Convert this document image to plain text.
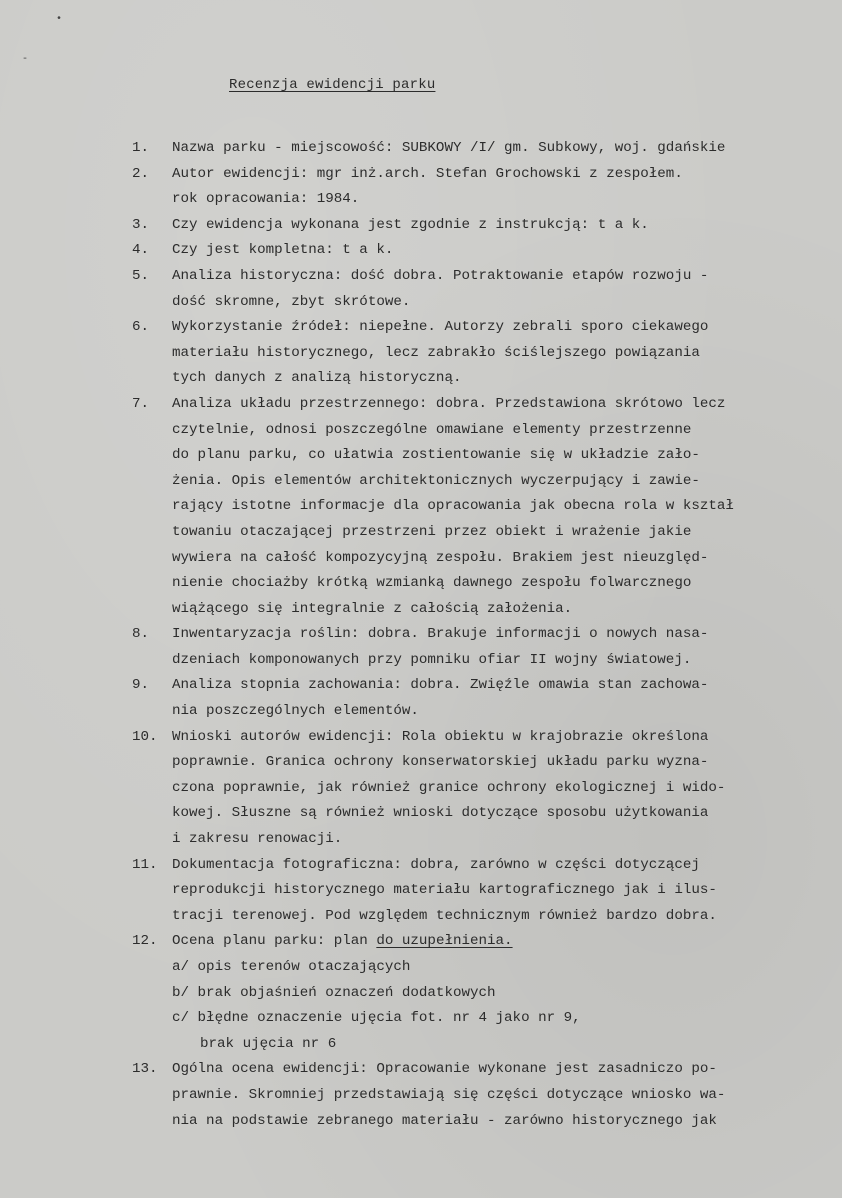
•
-
Recenzja ewidencji parku
1.	Nazwa parku - miejscowość: SUBKOWY /I/ gm. Subkowy, woj. gdańskie
2.	Autor ewidencji: mgr inż.arch. Stefan Grochowski z zespołem.
rok opracowania: 1984.
3.	Czy ewidencja wykonana jest zgodnie z instrukcją: t a k.
4.	Czy jest kompletna: t a k.
5.	Analiza historyczna: dość dobra. Potraktowanie etapów rozwoju -
dość skromne, zbyt skrótowe.
6.	Wykorzystanie źródeł: niepełne. Autorzy zebrali sporo ciekawego
materiału historycznego, lecz zabrakło ściślejszego powiązania
tych danych z analizą historyczną.
7.	Analiza układu przestrzennego: dobra. Przedstawiona skrótowo lecz
czytelnie, odnosi poszczególne omawiane elementy przestrzenne
do planu parku, co ułatwia zostientowanie się w układzie zało-
żenia. Opis elementów architektonicznych wyczerpujący i zawie-
rający istotne informacje dla opracowania jak obecna rola w kształ
towaniu otaczającej przestrzeni przez obiekt i wrażenie jakie
wywiera na całość kompozycyjną zespołu. Brakiem jest nieuzględ-
nienie chociażby krótką wzmianką dawnego zespołu folwarcznego
wiążącego się integralnie z całością założenia.
8.	Inwentaryzacja roślin: dobra. Brakuje informacji o nowych nasa-
dzeniach komponowanych przy pomniku ofiar II wojny światowej.
9.	Analiza stopnia zachowania: dobra. Zwięźle omawia stan zachowa-
nia poszczególnych elementów.
10.	Wnioski autorów ewidencji: Rola obiektu w krajobrazie określona
poprawnie. Granica ochrony konserwatorskiej układu parku wyzna-
czona poprawnie, jak również granice ochrony ekologicznej i wido-
kowej. Słuszne są również wnioski dotyczące sposobu użytkowania
i zakresu renowacji.
11.	Dokumentacja fotograficzna: dobra, zarówno w części dotyczącej
reprodukcji historycznego materiału kartograficznego jak i ilus-
tracji terenowej. Pod względem technicznym również bardzo dobra.
12.	Ocena planu parku: plan do uzupełnienia.
a/ opis terenów otaczających
b/ brak objaśnień oznaczeń dodatkowych
c/ błędne oznaczenie ujęcia fot. nr 4 jako nr 9,
brak ujęcia nr 6
13.	Ogólna ocena ewidencji: Opracowanie wykonane jest zasadniczo po-
prawnie. Skromniej przedstawiają się części dotyczące wniosko wa-
nia na podstawie zebranego materiału - zarówno historycznego jak
